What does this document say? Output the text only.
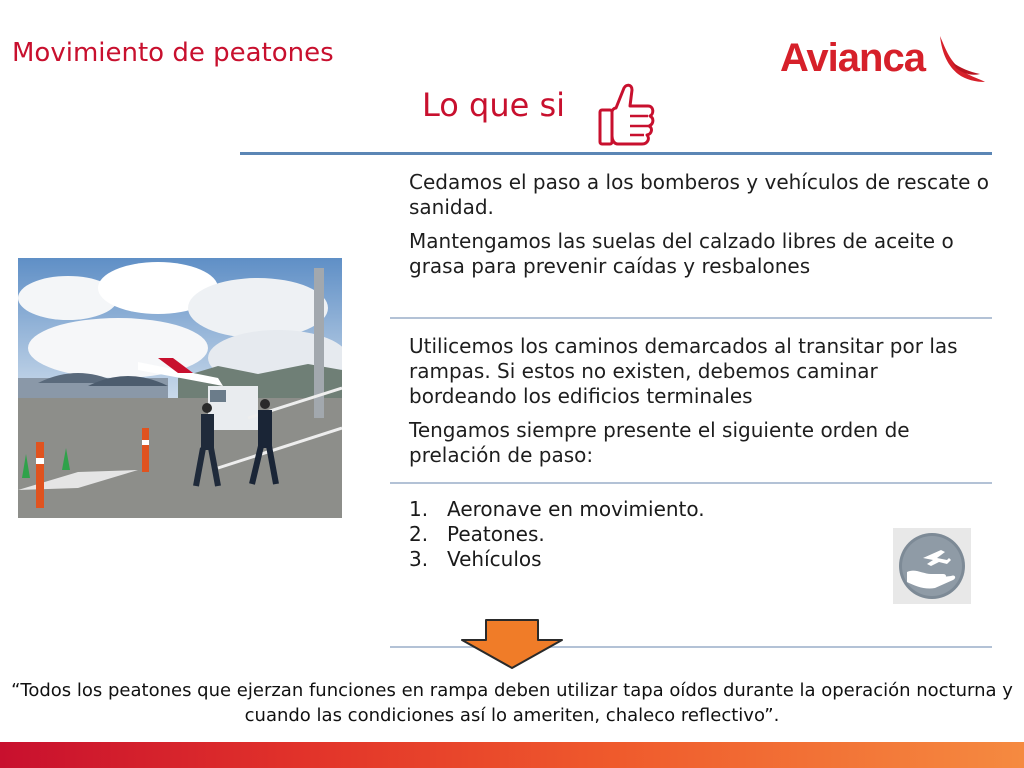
Movimiento de peatones	Avianca
Lo que si

Cedamos el paso a los bomberos y vehículos de rescate o sanidad.

Mantengamos las suelas del calzado libres de aceite o grasa para prevenir caídas y resbalones

Utilicemos los caminos demarcados al transitar por las rampas. Si estos no existen, debemos caminar bordeando los edificios terminales

Tengamos siempre presente el siguiente orden de prelación de paso:

1. Aeronave en movimiento.
2. Peatones.
3. Vehículos
“Todos los peatones que ejerzan funciones en rampa deben utilizar tapa oídos durante la operación nocturna y cuando las condiciones así lo ameriten, chaleco reflectivo”.
